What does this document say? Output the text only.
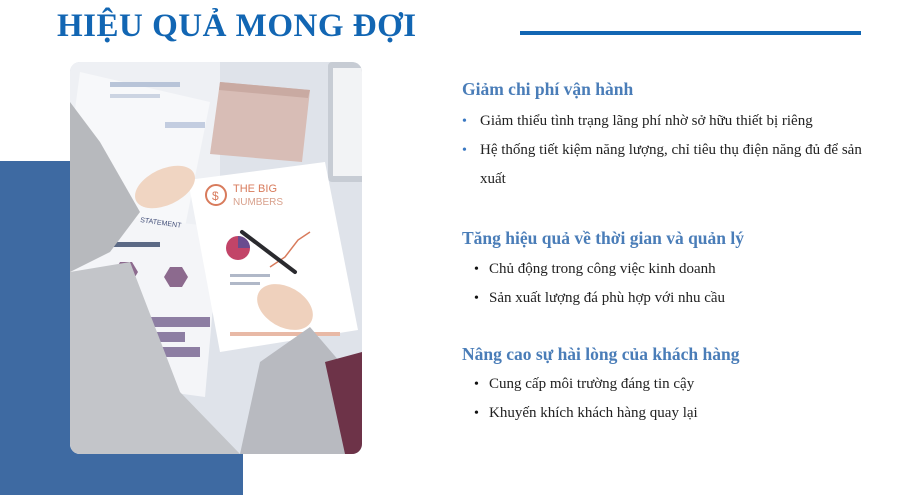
HIỆU QUẢ MONG ĐỢI
$ THE BIG
NUMBERS
STATEMENT
Giảm chi phí vận hành
• Giảm thiểu tình trạng lãng phí nhờ sở hữu thiết bị riêng
• Hệ thống tiết kiệm năng lượng, chỉ tiêu thụ điện năng đủ để sản xuất
Tăng hiệu quả về thời gian và quản lý
• Chủ động trong công việc kinh doanh
• Sản xuất lượng đá phù hợp với nhu cầu
Nâng cao sự hài lòng của khách hàng
• Cung cấp môi trường đáng tin cậy
• Khuyến khích khách hàng quay lại
